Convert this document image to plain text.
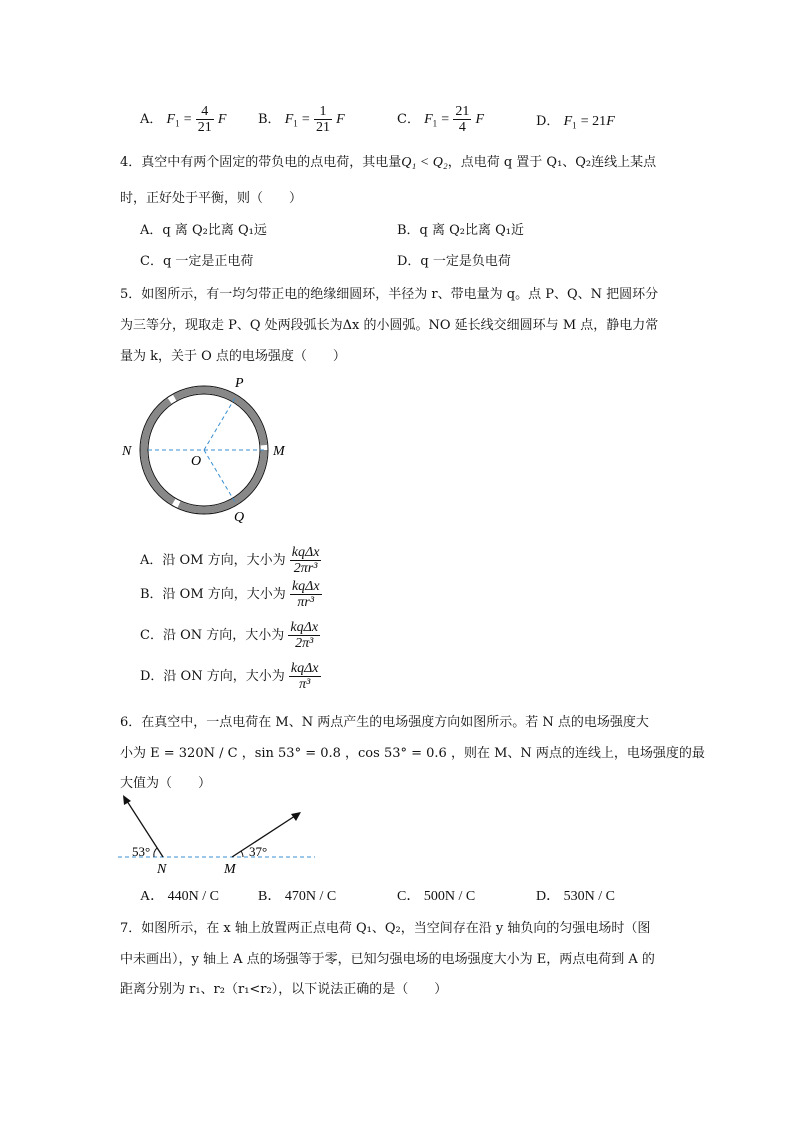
A． $F_1 = \frac{4}{21}$ F B． $F_1 = \frac{1}{21}$ F	C． $F_1 = \frac{21}{4}$ F	D． $F_1 = 21F$
4．真空中有两个固定的带负电的点电荷，其电量Q₁ < Q₂，点电荷 q 置于 Q₁、Q₂连线上某点
时，正好处于平衡，则（　　）
A．q 离 Q₂比离 Q₁远	B．q 离 Q₂比离 Q₁近
C．q 一定是正电荷	D．q 一定是负电荷
5．如图所示，有一均匀带正电的绝缘细圆环，半径为 r、带电量为 q。点 P、Q、N 把圆环分
为三等分，现取走 P、Q 处两段弧长为Δx 的小圆弧。NO 延长线交细圆环与 M 点，静电力常
量为 k，关于 O 点的电场强度（　　）
P
N
O
M
Q
A．沿 OM 方向，大小为 $\frac{\text{kqΔx}}{\text{2πr³}}$
B．沿 OM 方向，大小为 $\frac{\text{kqΔx}}{\text{πr³}}$
C．沿 ON 方向，大小为 $\frac{\text{kqΔx}}{\text{2π³}}$
D．沿 ON 方向，大小为 $\frac{\text{kqΔx}}{\text{π³}}$
6．在真空中，一点电荷在 M、N 两点产生的电场强度方向如图所示。若 N 点的电场强度大
小为 E = 320N / C ，sin 53° = 0.8 ，cos 53° = 0.6 ，则在 M、N 两点的连线上，电场强度的最
大值为（　　）
53°	37°
N	M
A． 440N / C	B． 470N / C	C． 500N / C	D． 530N / C
7．如图所示，在 x 轴上放置两正点电荷 Q₁、Q₂，当空间存在沿 y 轴负向的匀强电场时（图
中未画出），y 轴上 A 点的场强等于零，已知匀强电场的电场强度大小为 E，两点电荷到 A 的
距离分别为 r₁、r₂（r₁<r₂），以下说法正确的是（　　）
